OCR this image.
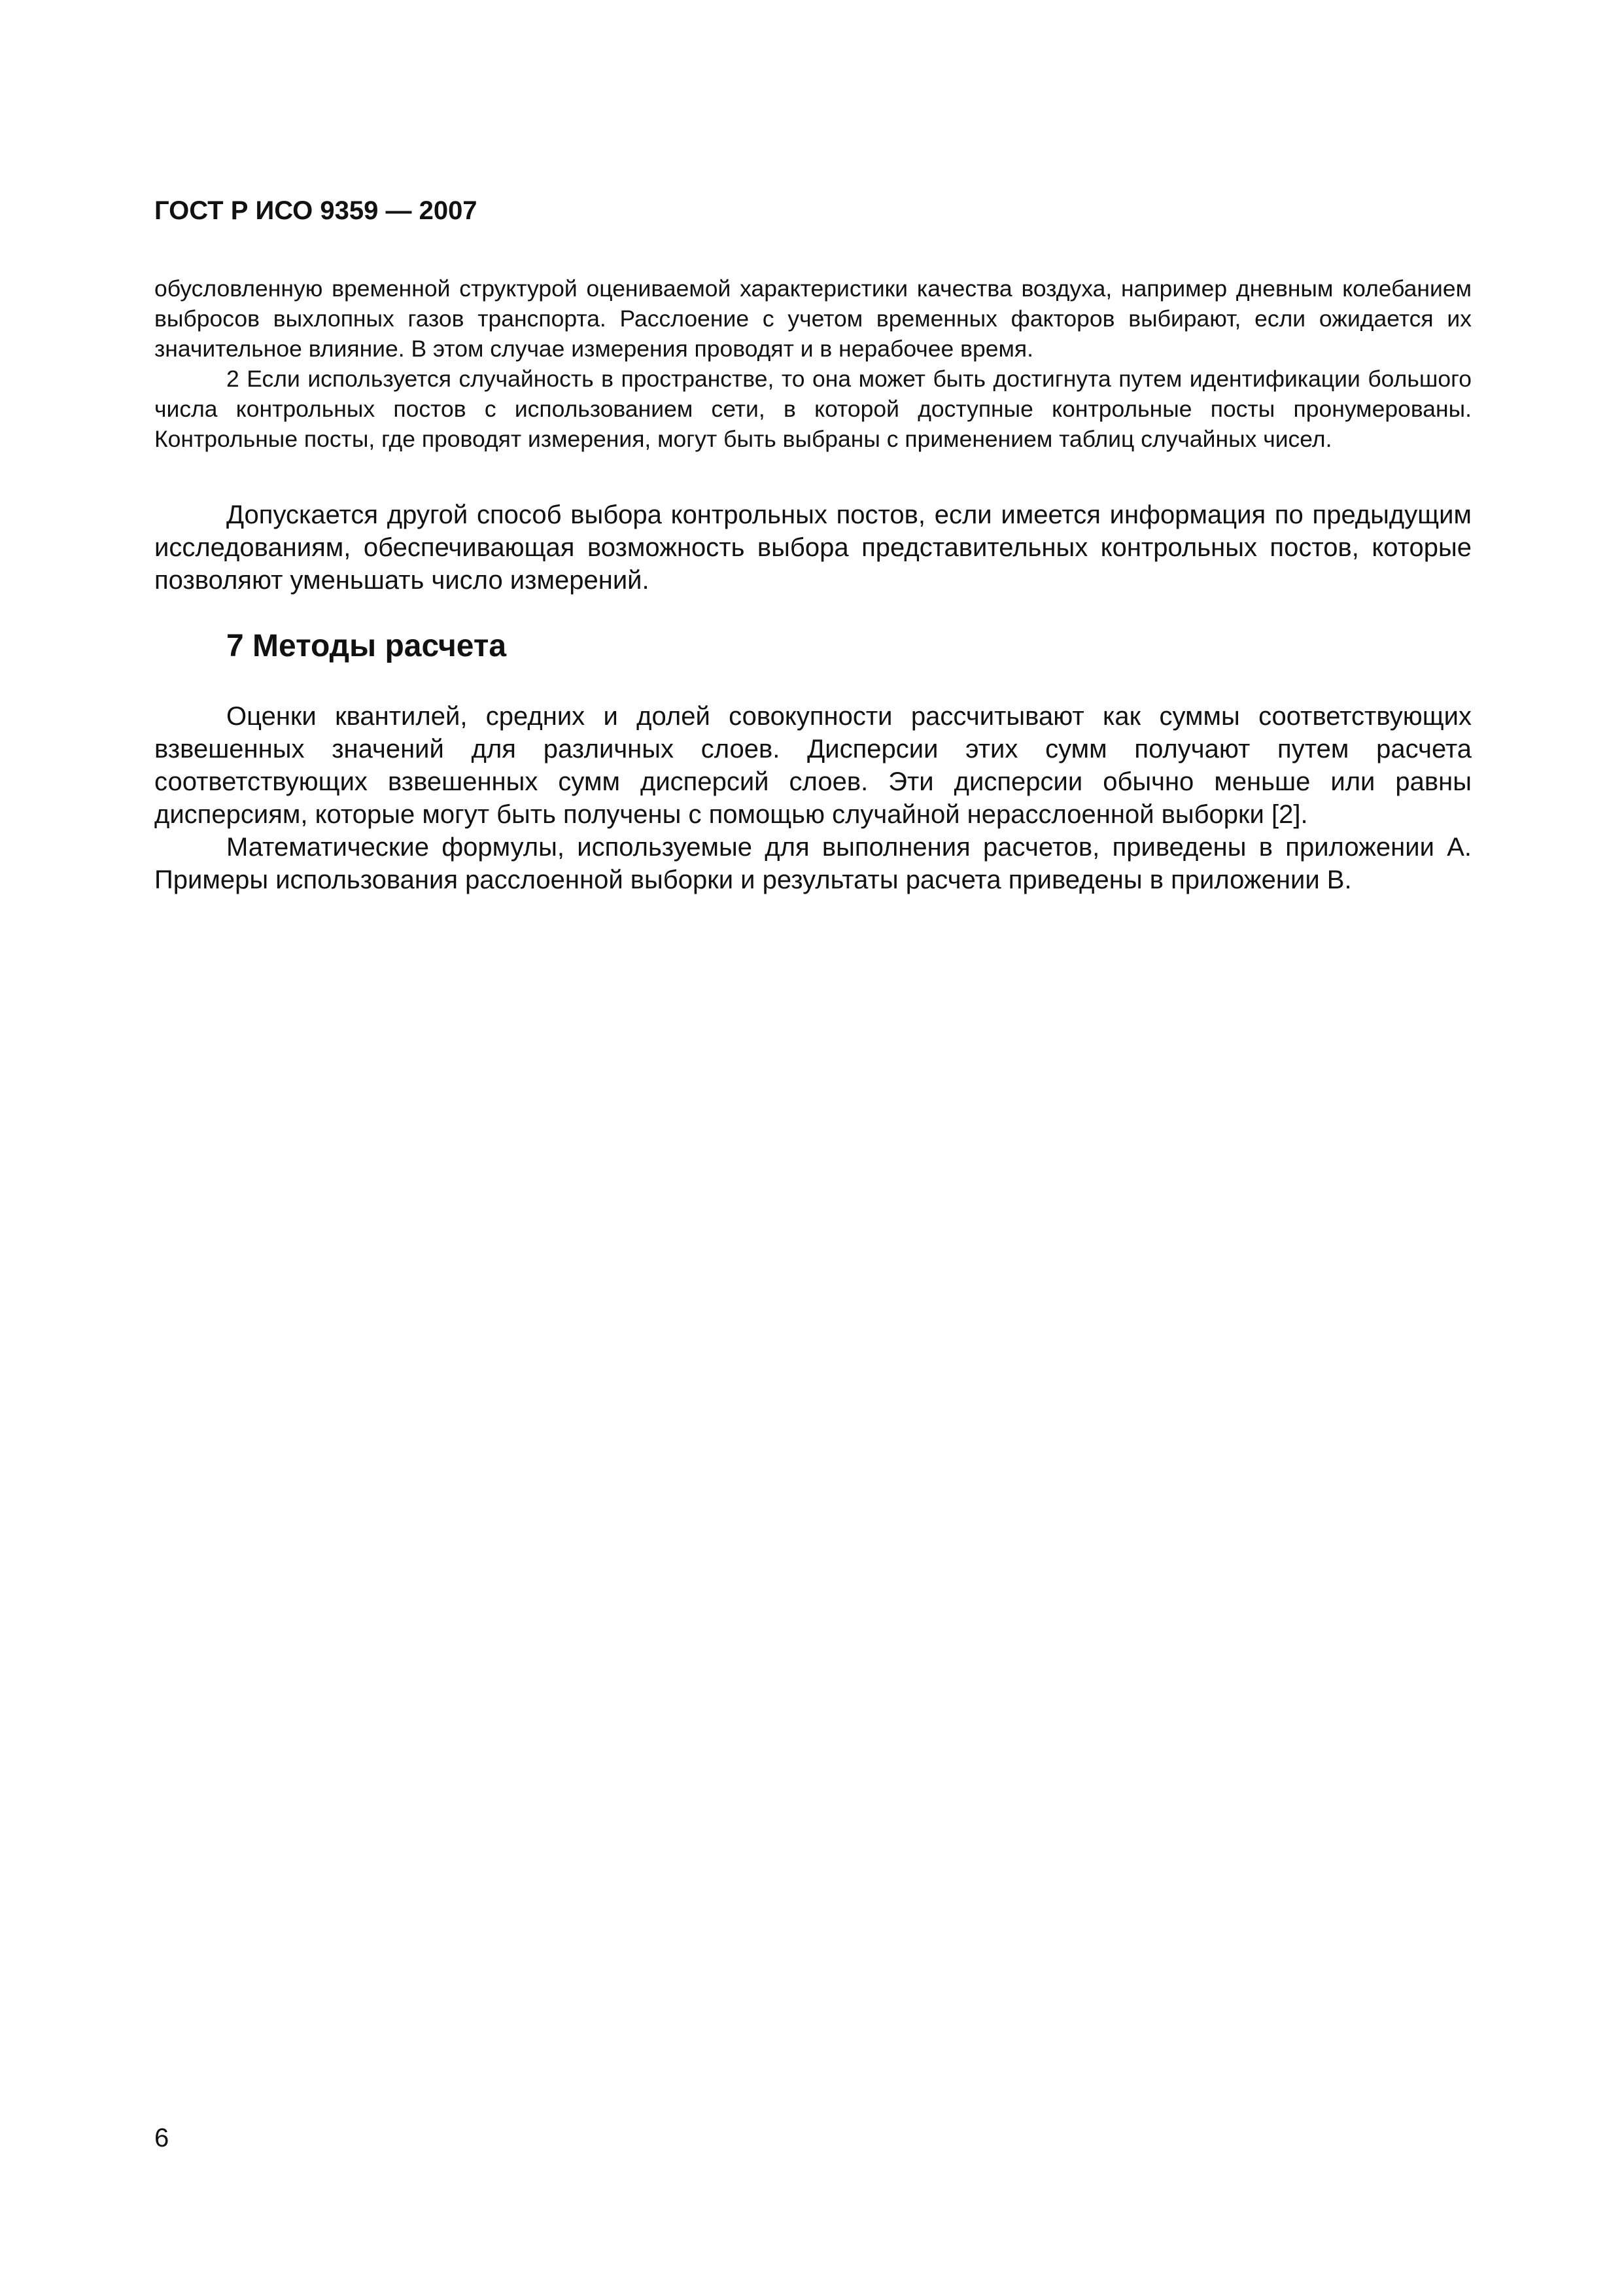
ГОСТ Р ИСО 9359 — 2007

обусловленную временной структурой оцениваемой характеристики качества воздуха, например дневным колебанием выбросов выхлопных газов транспорта. Расслоение с учетом временных факторов выбирают, если ожидается их значительное влияние. В этом случае измерения проводят и в нерабочее время.

2 Если используется случайность в пространстве, то она может быть достигнута путем идентификации большого числа контрольных постов с использованием сети, в которой доступные контрольные посты пронумерованы. Контрольные посты, где проводят измерения, могут быть выбраны с применением таблиц случайных чисел.

Допускается другой способ выбора контрольных постов, если имеется информация по предыдущим исследованиям, обеспечивающая возможность выбора представительных контрольных постов, которые позволяют уменьшать число измерений.

7 Методы расчета

Оценки квантилей, средних и долей совокупности рассчитывают как суммы соответствующих взвешенных значений для различных слоев. Дисперсии этих сумм получают путем расчета соответствующих взвешенных сумм дисперсий слоев. Эти дисперсии обычно меньше или равны дисперсиям, которые могут быть получены с помощью случайной нерасслоенной выборки [2].

Математические формулы, используемые для выполнения расчетов, приведены в приложении А. Примеры использования расслоенной выборки и результаты расчета приведены в приложении В.

6
